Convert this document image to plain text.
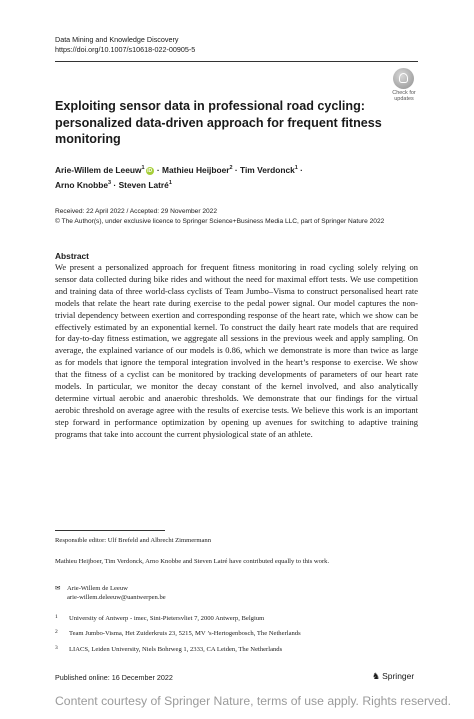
Data Mining and Knowledge Discovery
https://doi.org/10.1007/s10618-022-00905-5
Check for
updates
Exploiting sensor data in professional road cycling: personalized data-driven approach for frequent fitness monitoring
Arie-Willem de Leeuw$^1$ iD · Mathieu Heijboer$^2$ · Tim Verdonck$^1$ ·
Arno Knobbe$^3$ · Steven Latré$^1$
Received: 22 April 2022 / Accepted: 29 November 2022
© The Author(s), under exclusive licence to Springer Science+Business Media LLC, part of Springer Nature 2022
Abstract
We present a personalized approach for frequent fitness monitoring in road cycling solely relying on sensor data collected during bike rides and without the need for maximal effort tests. We use competition and training data of three world-class cyclists of Team Jumbo–Visma to construct personalised heart rate models that relate the heart rate during exercise to the pedal power signal. Our model captures the non-trivial dependency between exertion and corresponding response of the heart rate, which we show can be effectively estimated by an exponential kernel. To construct the daily heart rate models that are required for day-to-day fitness estimation, we aggregate all sessions in the previous week and apply sampling. On average, the explained variance of our models is 0.86, which we demonstrate is more than twice as large as for models that ignore the temporal integration involved in the heart’s response to exercise. We show that the fitness of a cyclist can be monitored by tracking developments of parameters of our heart rate models. In particular, we monitor the decay constant of the kernel involved, and also analytically determine virtual aerobic and anaerobic thresholds. We demonstrate that our findings for the virtual aerobic threshold on average agree with the results of exercise tests. We believe this work is an important step forward in performance optimization by opening up avenues for switching to adaptive training programs that take into account the current physiological state of an athlete.
Responsible editor: Ulf Brefeld and Albrecht Zimmermann
Mathieu Heijboer, Tim Verdonck, Arno Knobbe and Steven Latré have contributed equally to this work.
✉ Arie-Willem de Leeuw
arie-willem.deleeuw@uantwerpen.be
1 University of Antwerp - imec, Sint-Pietersvliet 7, 2000 Antwerp, Belgium
2 Team Jumbo-Visma, Het Zuiderkruis 23, 5215, MV ’s-Hertogenbosch, The Netherlands
3 LIACS, Leiden University, Niels Bohrweg 1, 2333, CA Leiden, The Netherlands
Published online: 16 December 2022	♞ Springer
Content courtesy of Springer Nature, terms of use apply. Rights reserved.
